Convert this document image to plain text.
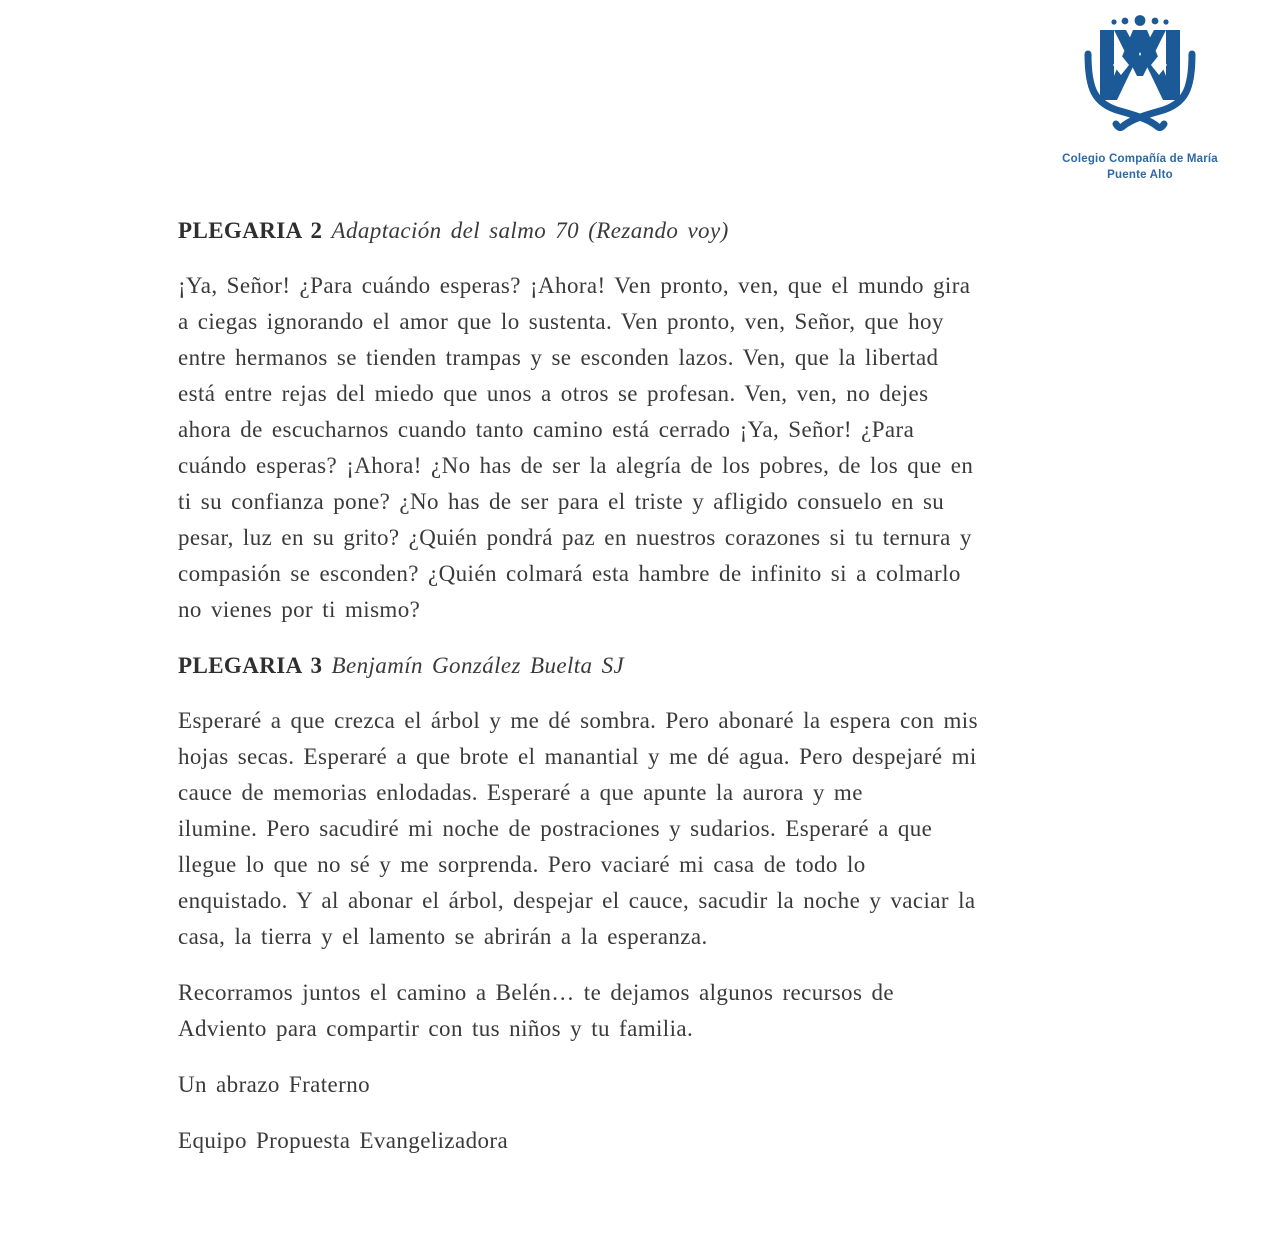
Colegio Compañía de María
Puente Alto
PLEGARIA 2 Adaptación del salmo 70 (Rezando voy)

¡Ya, Señor! ¿Para cuándo esperas? ¡Ahora! Ven pronto, ven, que el mundo gira
a ciegas ignorando el amor que lo sustenta. Ven pronto, ven, Señor, que hoy
entre hermanos se tienden trampas y se esconden lazos. Ven, que la libertad
está entre rejas del miedo que unos a otros se profesan. Ven, ven, no dejes
ahora de escucharnos cuando tanto camino está cerrado ¡Ya, Señor! ¿Para
cuándo esperas? ¡Ahora! ¿No has de ser la alegría de los pobres, de los que en
ti su confianza pone? ¿No has de ser para el triste y afligido consuelo en su
pesar, luz en su grito? ¿Quién pondrá paz en nuestros corazones si tu ternura y
compasión se esconden? ¿Quién colmará esta hambre de infinito si a colmarlo
no vienes por ti mismo?

PLEGARIA 3 Benjamín González Buelta SJ

Esperaré a que crezca el árbol y me dé sombra. Pero abonaré la espera con mis
hojas secas. Esperaré a que brote el manantial y me dé agua. Pero despejaré mi
cauce de memorias enlodadas. Esperaré a que apunte la aurora y me
ilumine. Pero sacudiré mi noche de postraciones y sudarios. Esperaré a que
llegue lo que no sé y me sorprenda. Pero vaciaré mi casa de todo lo
enquistado. Y al abonar el árbol, despejar el cauce, sacudir la noche y vaciar la
casa, la tierra y el lamento se abrirán a la esperanza.

Recorramos juntos el camino a Belén… te dejamos algunos recursos de
Adviento para compartir con tus niños y tu familia.

Un abrazo Fraterno

Equipo Propuesta Evangelizadora
